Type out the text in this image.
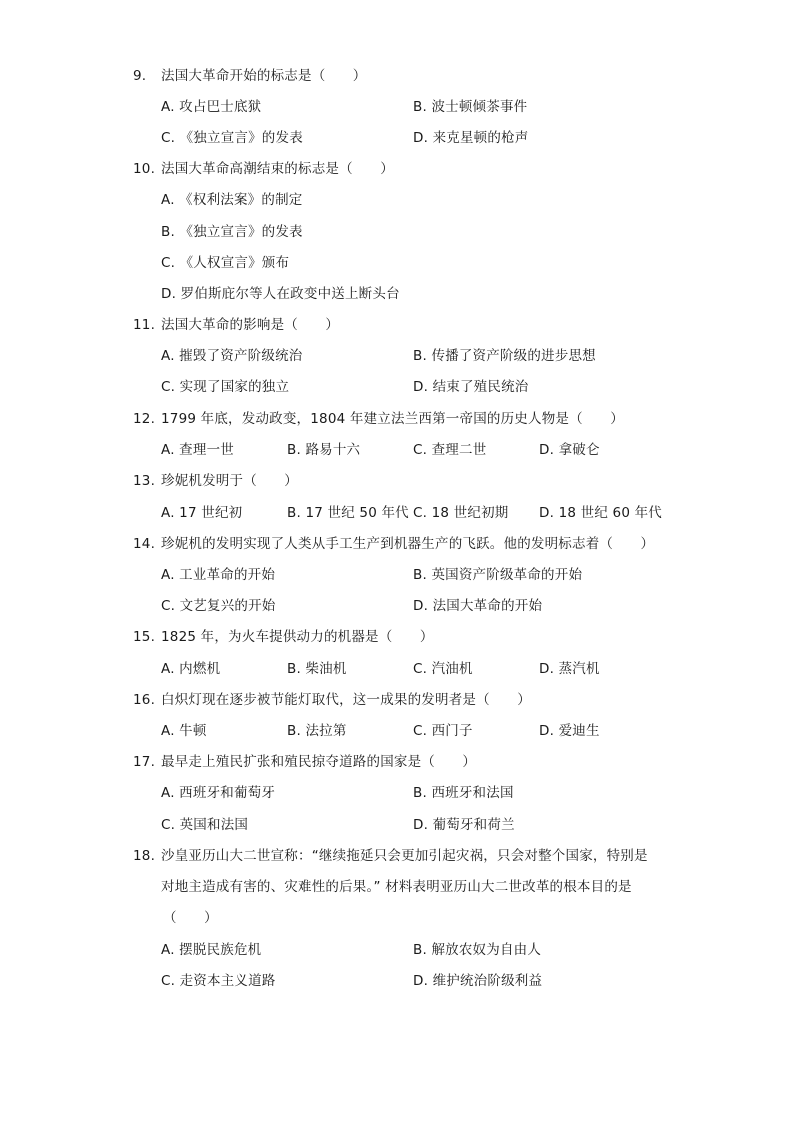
9. 法国大革命开始的标志是（　　）
A. 攻占巴士底狱	B. 波士顿倾茶事件
C. 《独立宣言》的发表	D. 来克星顿的枪声
10. 法国大革命高潮结束的标志是（　　）
A. 《权利法案》的制定
B. 《独立宣言》的发表
C. 《人权宣言》颁布
D. 罗伯斯庇尔等人在政变中送上断头台
11. 法国大革命的影响是（　　）
A. 摧毁了资产阶级统治	B. 传播了资产阶级的进步思想
C. 实现了国家的独立	D. 结束了殖民统治
12. 1799 年底，发动政变，1804 年建立法兰西第一帝国的历史人物是（　　）
A. 查理一世	B. 路易十六	C. 查理二世	D. 拿破仑
13. 珍妮机发明于（　　）
A. 17 世纪初	B. 17 世纪 50 年代 C. 18 世纪初期 D. 18 世纪 60 年代
14. 珍妮机的发明实现了人类从手工生产到机器生产的飞跃。他的发明标志着（　　）
A. 工业革命的开始	B. 英国资产阶级革命的开始
C. 文艺复兴的开始	D. 法国大革命的开始
15. 1825 年，为火车提供动力的机器是（　　）
A. 内燃机	B. 柴油机	C. 汽油机	D. 蒸汽机
16. 白炽灯现在逐步被节能灯取代，这一成果的发明者是（　　）
A. 牛顿	B. 法拉第	C. 西门子	D. 爱迪生
17. 最早走上殖民扩张和殖民掠夺道路的国家是（　　）
A. 西班牙和葡萄牙	B. 西班牙和法国
C. 英国和法国	D. 葡萄牙和荷兰
18. 沙皇亚历山大二世宣称：“继续拖延只会更加引起灾祸，只会对整个国家，特别是
对地主造成有害的、灾难性的后果。” 材料表明亚历山大二世改革的根本目的是
（　　）
A. 摆脱民族危机	B. 解放农奴为自由人
C. 走资本主义道路	D. 维护统治阶级利益
